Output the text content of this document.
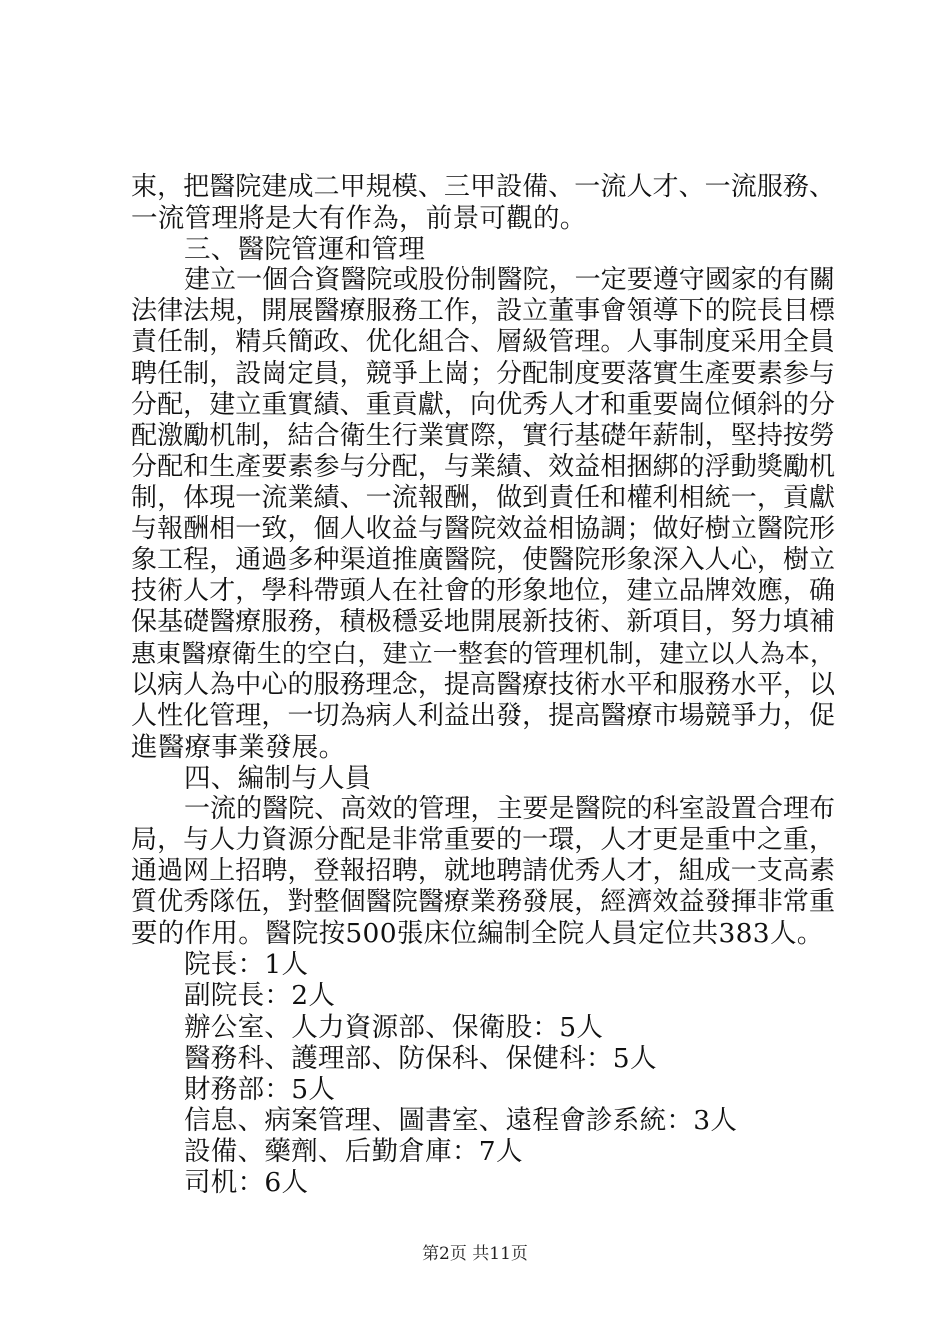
束，把醫院建成二甲規模、三甲設備、一流人才、一流服務、
一流管理將是大有作為，前景可觀的。
三、醫院管運和管理
建立一個合資醫院或股份制醫院，一定要遵守國家的有關
法律法規，開展醫療服務工作，設立董事會領導下的院長目標
責任制，精兵簡政、优化組合、層級管理。人事制度采用全員
聘任制，設崗定員，競爭上崗；分配制度要落實生產要素参与
分配，建立重實績、重貢獻，向优秀人才和重要崗位傾斜的分
配激勵机制，結合衛生行業實際，實行基礎年薪制，堅持按勞
分配和生產要素参与分配，与業績、效益相捆綁的浮動獎勵机
制，体現一流業績、一流報酬，做到責任和權利相統一，貢獻
与報酬相一致，個人收益与醫院效益相協調；做好樹立醫院形
象工程，通過多种渠道推廣醫院，使醫院形象深入人心，樹立
技術人才，學科帶頭人在社會的形象地位，建立品牌效應，确
保基礎醫療服務，積极穩妥地開展新技術、新項目，努力填補
惠東醫療衛生的空白，建立一整套的管理机制，建立以人為本，
以病人為中心的服務理念，提高醫療技術水平和服務水平，以
人性化管理，一切為病人利益出發，提高醫療市場競爭力，促
進醫療事業發展。
四、編制与人員
一流的醫院、高效的管理，主要是醫院的科室設置合理布
局，与人力資源分配是非常重要的一環，人才更是重中之重，
通過网上招聘，登報招聘，就地聘請优秀人才，組成一支高素
質优秀隊伍，對整個醫院醫療業務發展，經濟效益發揮非常重
要的作用。醫院按500張床位編制全院人員定位共383人。
院長：1人
副院長：2人
辦公室、人力資源部、保衛股：5人
醫務科、護理部、防保科、保健科：5人
財務部：5人
信息、病案管理、圖書室、遠程會診系統：3人
設備、藥劑、后勤倉庫：7人
司机：6人
第2页 共11页
